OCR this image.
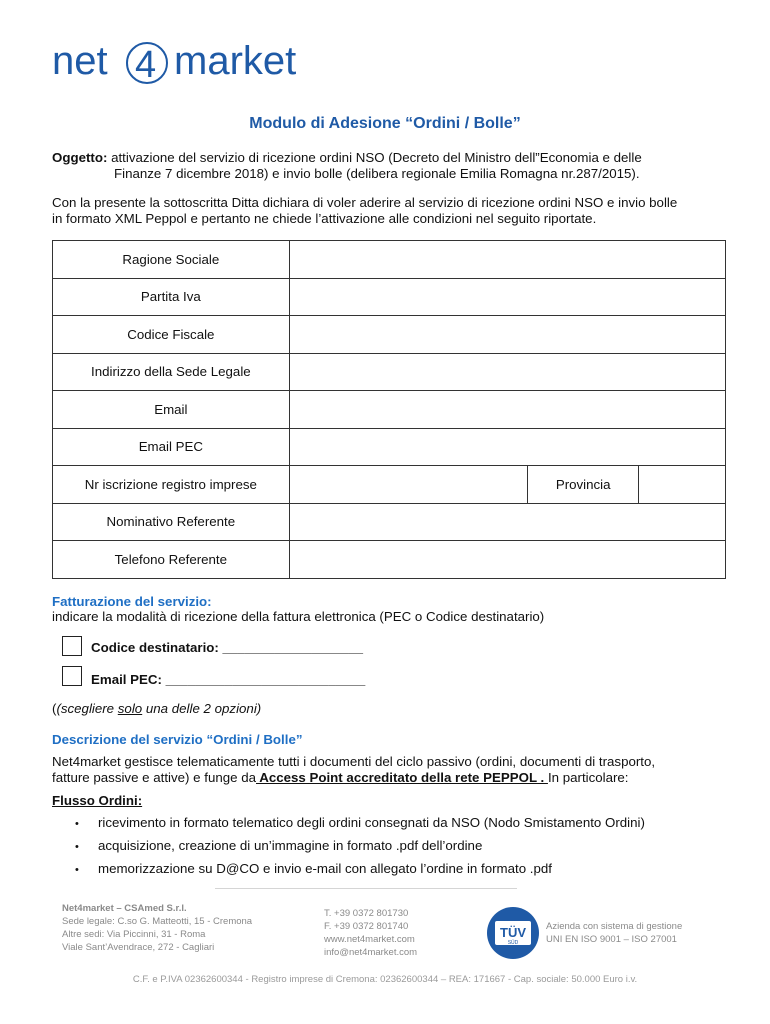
net 4 market
Modulo di Adesione “Ordini / Bolle”
Oggetto: attivazione del servizio di ricezione ordini NSO (Decreto del Ministro dell”Economia e delle
Finanze 7 dicembre 2018) e invio bolle (delibera regionale Emilia Romagna nr.287/2015).
Con la presente la sottoscritta Ditta dichiara di voler aderire al servizio di ricezione ordini NSO e invio bolle
in formato XML Peppol e pertanto ne chiede l’attivazione alle condizioni nel seguito riportate.
Ragione Sociale			
Partita Iva			
Codice Fiscale			
Indirizzo della Sede Legale			
Email			
Email PEC			
Nr iscrizione registro imprese		Provincia	
Nominativo Referente			
Telefono Referente			
Fatturazione del servizio:
indicare la modalità di ricezione della fattura elettronica (PEC o Codice destinatario)
Codice destinatario: ___________________
Email PEC: ___________________________
((scegliere solo una delle 2 opzioni)
Descrizione del servizio “Ordini / Bolle”
Net4market gestisce telematicamente tutti i documenti del ciclo passivo (ordini, documenti di trasporto,
fatture passive e attive) e funge da Access Point accreditato della rete PEPPOL . In particolare:
Flusso Ordini:
• ricevimento in formato telematico degli ordini consegnati da NSO (Nodo Smistamento Ordini)
• acquisizione, creazione di un’immagine in formato .pdf dell’ordine
• memorizzazione su D@CO e invio e-mail con allegato l’ordine in formato .pdf
Net4market – CSAmed S.r.l.
Sede legale: C.so G. Matteotti, 15 - Cremona
Altre sedi: Via Piccinni, 31 - Roma
Viale Sant’Avendrace, 272 - Cagliari
T. +39 0372 801730
F. +39 0372 801740
www.net4market.com
info@net4market.com
TÜV
SÜD
Azienda con sistema di gestione
UNI EN ISO 9001 – ISO 27001
C.F. e P.IVA 02362600344 - Registro imprese di Cremona: 02362600344 – REA: 171667 - Cap. sociale: 50.000 Euro i.v.
